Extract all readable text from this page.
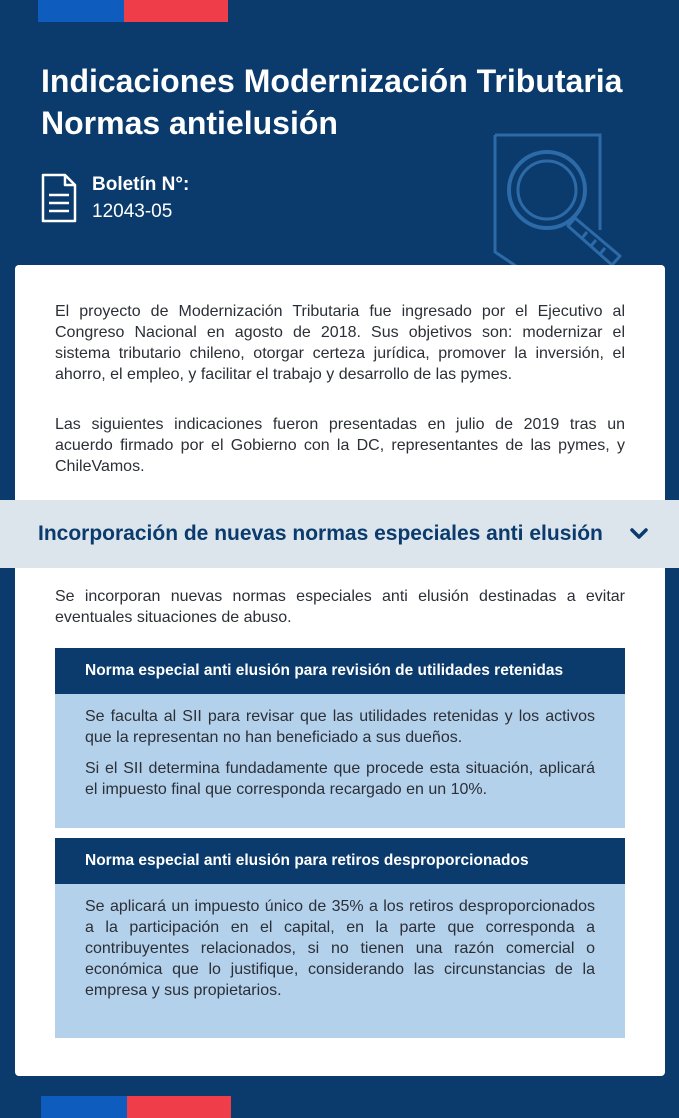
Indicaciones Modernización Tributaria
Normas antielusión
Boletín N°:
12043-05

El proyecto de Modernización Tributaria fue ingresado por el Ejecutivo al Congreso Nacional en agosto de 2018. Sus objetivos son: modernizar el sistema tributario chileno, otorgar certeza jurídica, promover la inversión, el ahorro, el empleo, y facilitar el trabajo y desarrollo de las pymes.

Las siguientes indicaciones fueron presentadas en julio de 2019 tras un acuerdo firmado por el Gobierno con la DC, representantes de las pymes, y ChileVamos.

Se incorporan nuevas normas especiales anti elusión destinadas a evitar eventuales situaciones de abuso.

Norma especial anti elusión para revisión de utilidades retenidas

Se faculta al SII para revisar que las utilidades retenidas y los activos que la representan no han beneficiado a sus dueños.

Si el SII determina fundadamente que procede esta situación, aplicará el impuesto final que corresponda recargado en un 10%.

Norma especial anti elusión para retiros desproporcionados

Se aplicará un impuesto único de 35% a los retiros desproporcionados a la participación en el capital, en la parte que corresponda a contribuyentes relacionados, si no tienen una razón comercial o económica que lo justifique, considerando las circunstancias de la empresa y sus propietarios.

Incorporación de nuevas normas especiales anti elusión
